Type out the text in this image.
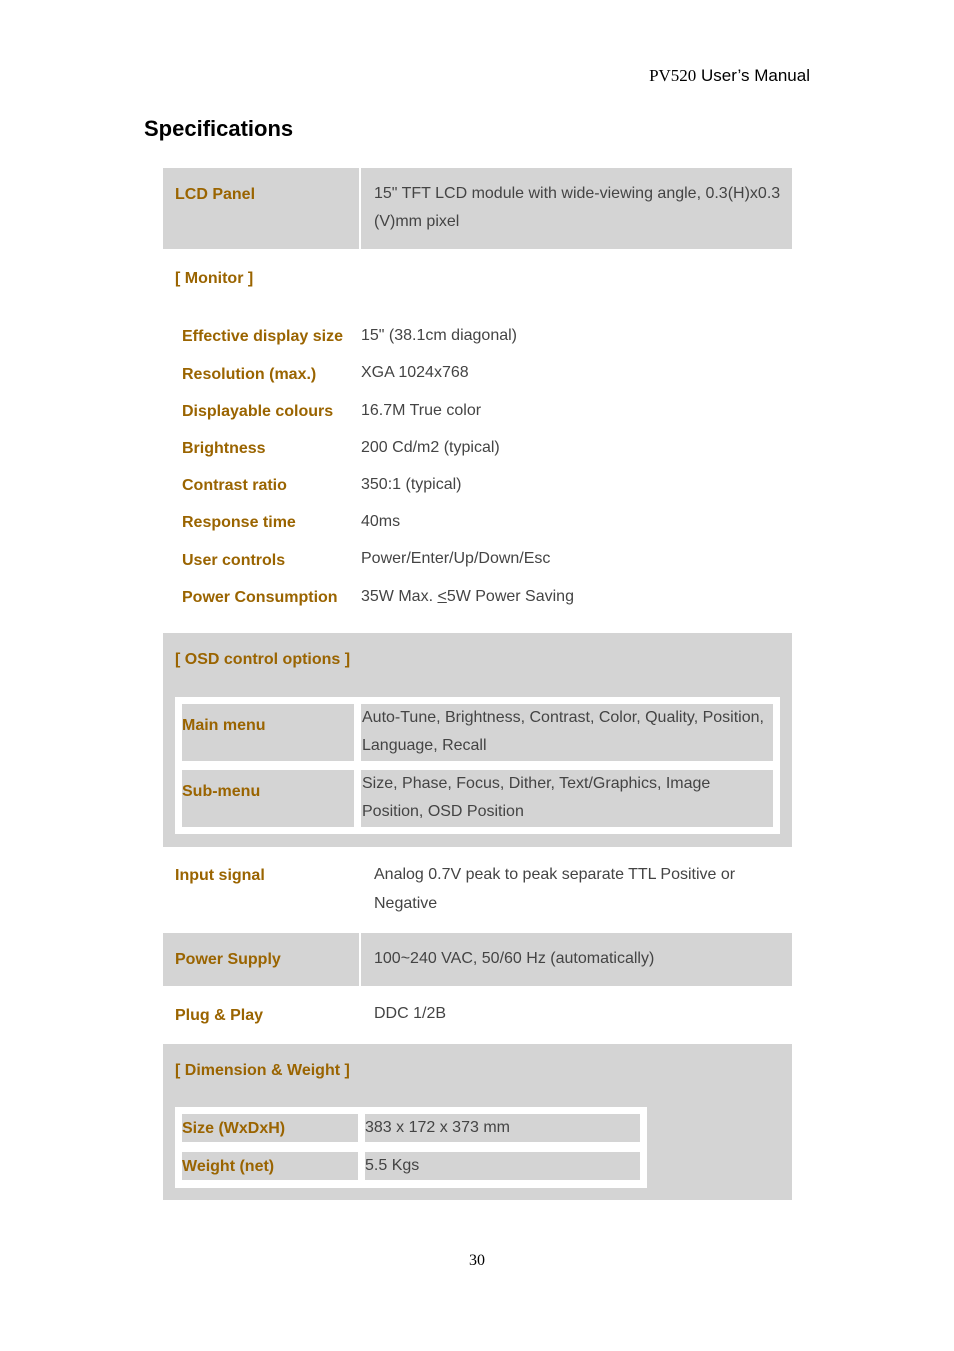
PV520 User’s Manual
Specifications
LCD Panel	15" TFT LCD module with wide-viewing angle, 0.3(H)x0.3
(V)mm pixel
[ Monitor ]
Effective display size 15" (38.1cm diagonal)
Resolution (max.)	XGA 1024x768
Displayable colours 16.7M True color
Brightness	200 Cd/m2 (typical)
Contrast ratio	350:1 (typical)
Response time	40ms
User controls	Power/Enter/Up/Down/Esc
Power Consumption 35W Max. <5W Power Saving
[ OSD control options ]
Main menu	Auto-Tune, Brightness, Contrast, Color, Quality, Position,
Language, Recall
Sub-menu	Size, Phase, Focus, Dither, Text/Graphics, Image
Position, OSD Position
Input signal	Analog 0.7V peak to peak separate TTL Positive or
Negative
Power Supply	100~240 VAC, 50/60 Hz (automatically)
Plug & Play	DDC 1/2B
[ Dimension & Weight ]
Size (WxDxH)	383 x 172 x 373 mm
Weight (net)	5.5 Kgs
30
